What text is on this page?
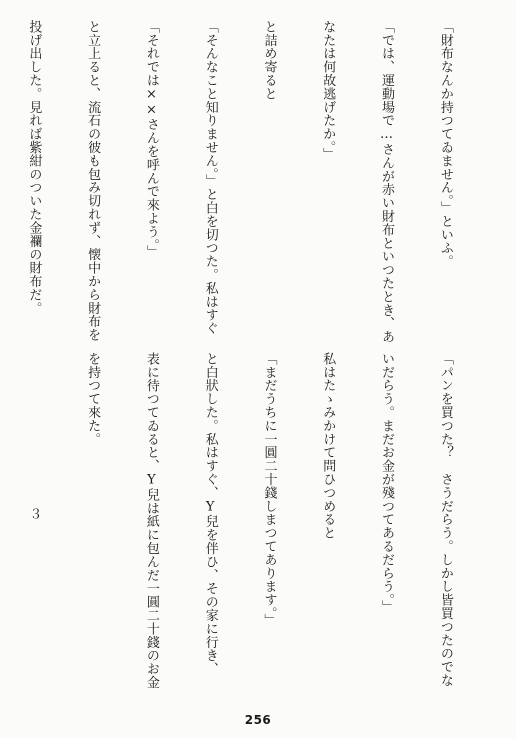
「財布なんか持つてゐません。」といふ。

「では、運動場で…さんが赤い財布といつたとき、あ

なたは何故逃げたか。」

と詰め寄ると

「そんなこと知りません。」と白を切つた。私はすぐ

「それでは××さんを呼んで來よう。」

と立上ると、流石の彼も包み切れず、懐中から財布を

投げ出した。見れば紫紺のついた金襴の財布だ。

「パンを買つた？　さうだらう。しかし皆買つたのでな

いだらう。まだお金が殘つてあるだらう。」

私はたゝみかけて問ひつめると

「まだうちに一圓二十錢しまつてあります。」

と白狀した。私はすぐ、Y兒を伴ひ、その家に行き、

表に待つてゐると、Y兒は紙に包んだ一圓二十錢のお金

を持つて來た。

３

256
